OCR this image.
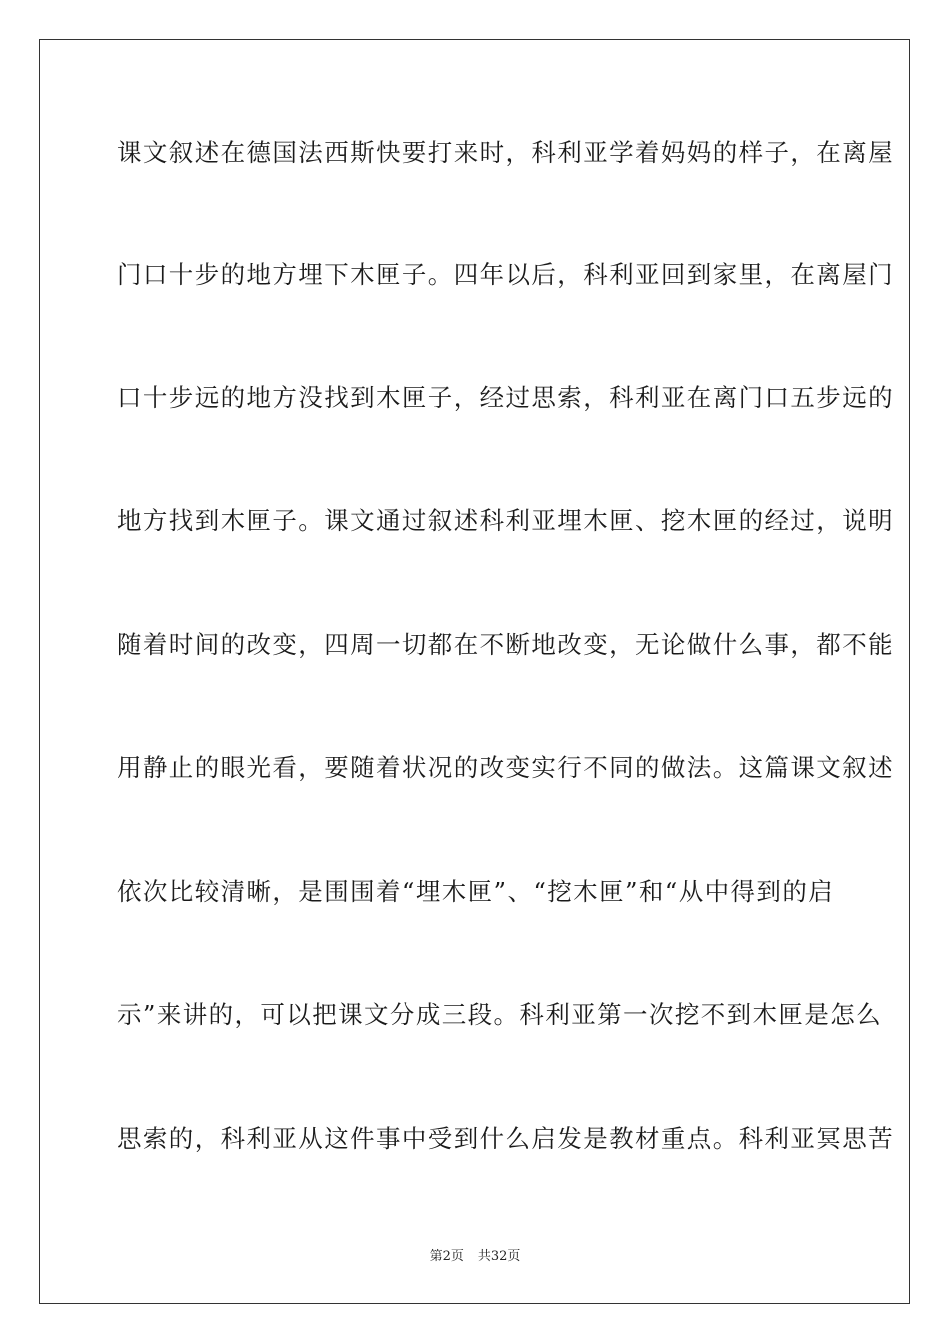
课文叙述在德国法西斯快要打来时，科利亚学着妈妈的样子，在离屋
门口十步的地方埋下木匣子。四年以后，科利亚回到家里，在离屋门
口十步远的地方没找到木匣子，经过思索，科利亚在离门口五步远的
地方找到木匣子。课文通过叙述科利亚埋木匣、挖木匣的经过，说明
随着时间的改变，四周一切都在不断地改变，无论做什么事，都不能
用静止的眼光看，要随着状况的改变实行不同的做法。这篇课文叙述
依次比较清晰，是围围着“埋木匣”、“挖木匣”和“从中得到的启
示”来讲的，可以把课文分成三段。科利亚第一次挖不到木匣是怎么
思索的，科利亚从这件事中受到什么启发是教材重点。科利亚冥思苦
第2页 共32页
